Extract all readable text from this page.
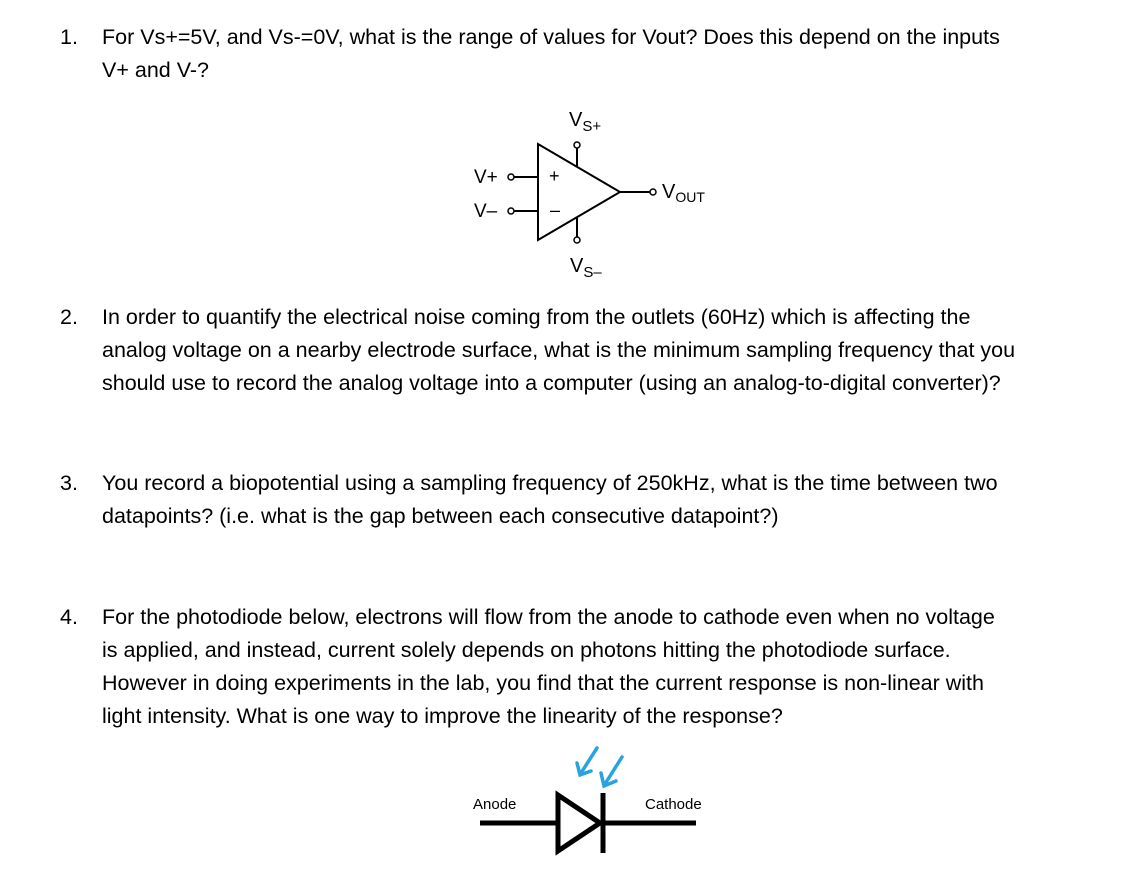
1.	For Vs+=5V, and Vs-=0V, what is the range of values for Vout? Does this depend on the inputs
V+ and V-?
$V_{S+}$
$V_{S-}$
V+	+
V–	–
$V_{OUT}$
2.	In order to quantify the electrical noise coming from the outlets (60Hz) which is affecting the
analog voltage on a nearby electrode surface, what is the minimum sampling frequency that you
should use to record the analog voltage into a computer (using an analog-to-digital converter)?
3.	You record a biopotential using a sampling frequency of 250kHz, what is the time between two
datapoints? (i.e. what is the gap between each consecutive datapoint?)
4.	For the photodiode below, electrons will flow from the anode to cathode even when no voltage
is applied, and instead, current solely depends on photons hitting the photodiode surface.
However in doing experiments in the lab, you find that the current response is non-linear with
light intensity. What is one way to improve the linearity of the response?
Anode	Cathode
